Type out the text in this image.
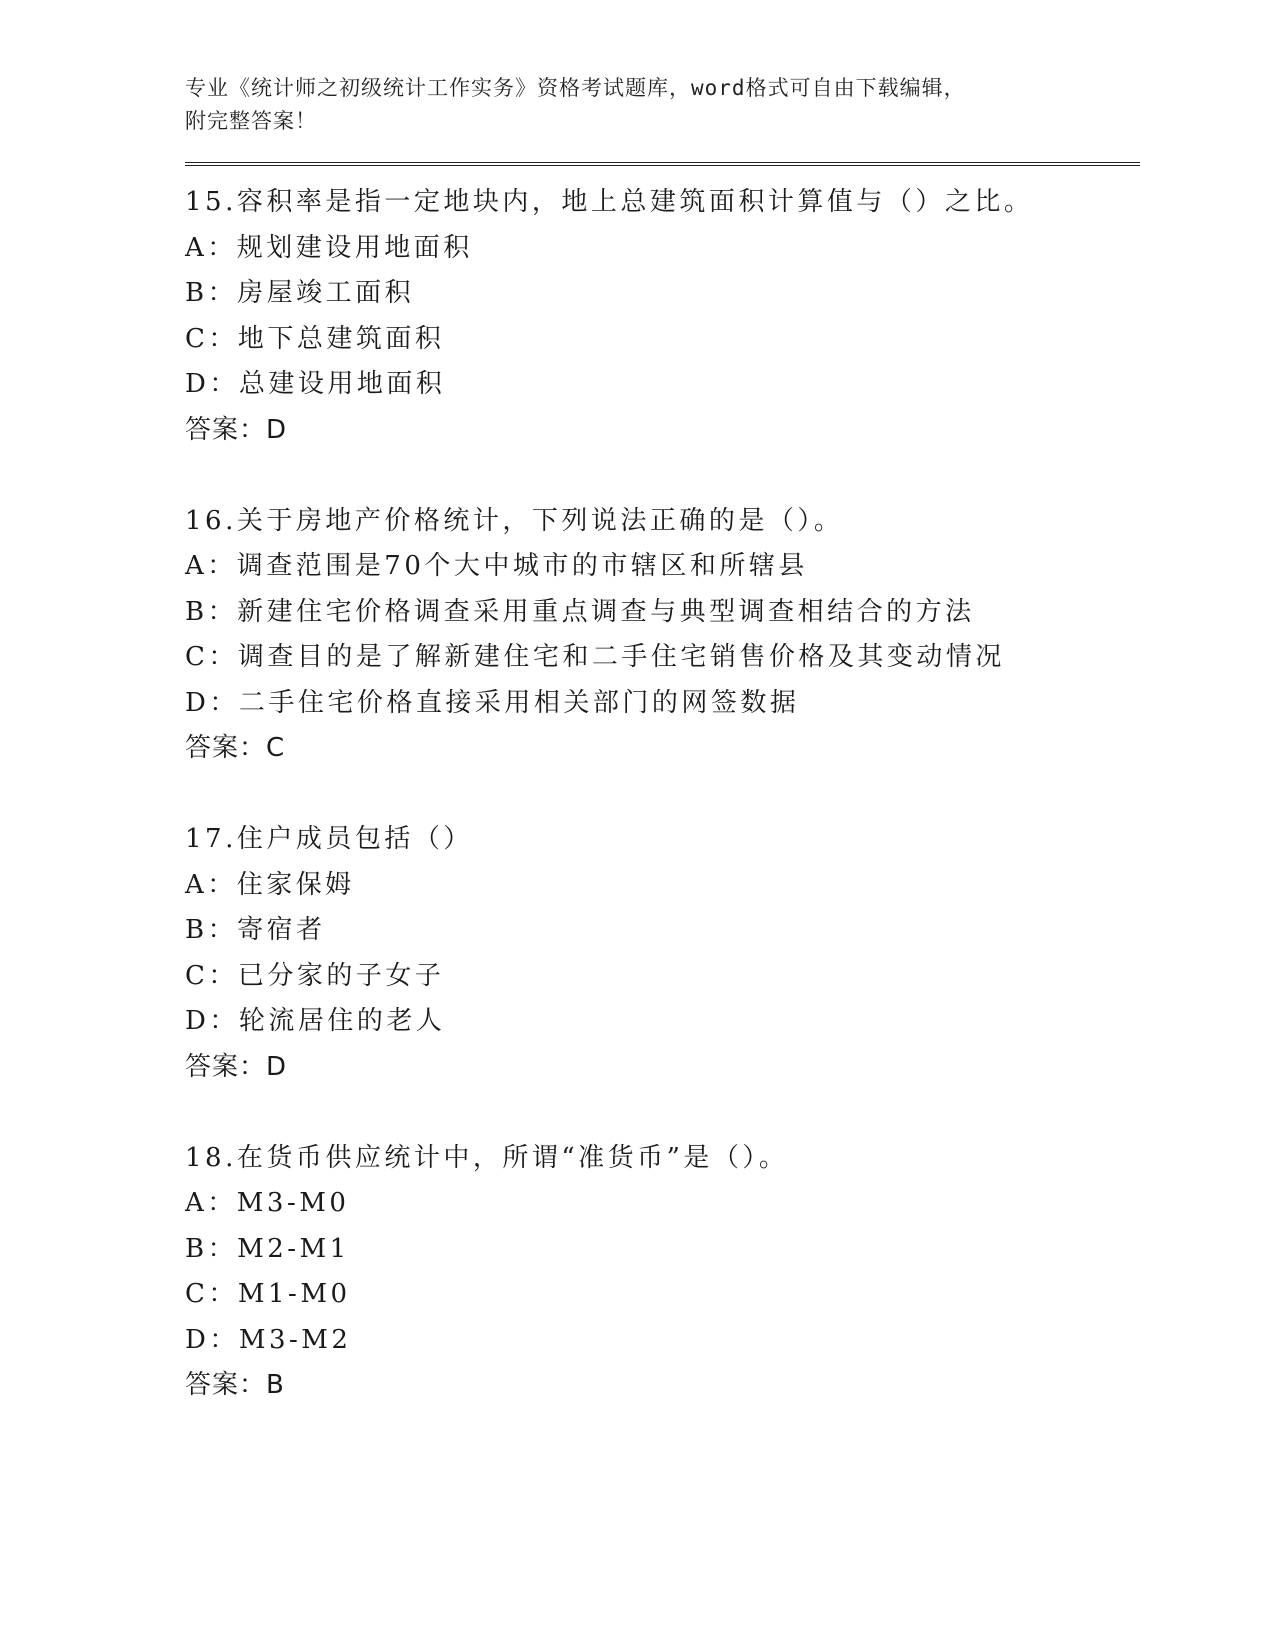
专业《统计师之初级统计工作实务》资格考试题库，word格式可自由下载编辑，
附完整答案！
15.容积率是指一定地块内，地上总建筑面积计算值与（）之比。
A：规划建设用地面积
B：房屋竣工面积
C：地下总建筑面积
D：总建设用地面积
答案：D
16.关于房地产价格统计，下列说法正确的是（）。
A：调查范围是70个大中城市的市辖区和所辖县
B：新建住宅价格调查采用重点调查与典型调查相结合的方法
C：调查目的是了解新建住宅和二手住宅销售价格及其变动情况
D：二手住宅价格直接采用相关部门的网签数据
答案：C
17.住户成员包括（）
A：住家保姆
B：寄宿者
C：已分家的子女子
D：轮流居住的老人
答案：D
18.在货币供应统计中，所谓“准货币”是（）。
A：M3-M0
B：M2-M1
C：M1-M0
D：M3-M2
答案：B
